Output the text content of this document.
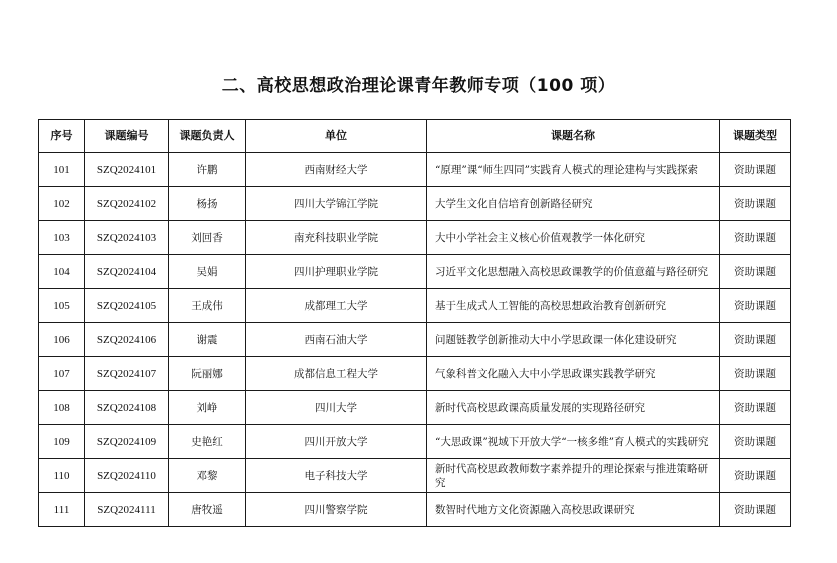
二、高校思想政治理论课青年教师专项（100 项）
序号	课题编号	课题负责人	单位	课题名称	课题类型
101	SZQ2024101	许鹏	西南财经大学	“原理”课“师生四同”实践育人模式的理论建构与实践探索	资助课题
102	SZQ2024102	杨扬	四川大学锦江学院	大学生文化自信培育创新路径研究	资助课题
103	SZQ2024103	刘回香	南充科技职业学院	大中小学社会主义核心价值观教学一体化研究	资助课题
104	SZQ2024104	吴娟	四川护理职业学院	习近平文化思想融入高校思政课教学的价值意蕴与路径研究	资助课题
105	SZQ2024105	王成伟	成都理工大学	基于生成式人工智能的高校思想政治教育创新研究	资助课题
106	SZQ2024106	谢震	西南石油大学	问题链教学创新推动大中小学思政课一体化建设研究	资助课题
107	SZQ2024107	阮丽娜	成都信息工程大学	气象科普文化融入大中小学思政课实践教学研究	资助课题
108	SZQ2024108	刘峥	四川大学	新时代高校思政课高质量发展的实现路径研究	资助课题
109	SZQ2024109	史艳红	四川开放大学	“大思政课”视域下开放大学“一核多维”育人模式的实践研究	资助课题
110	SZQ2024110	邓黎	电子科技大学	新时代高校思政教师数字素养提升的理论探索与推进策略研究	资助课题
111	SZQ2024111	唐牧遥	四川警察学院	数智时代地方文化资源融入高校思政课研究	资助课题
